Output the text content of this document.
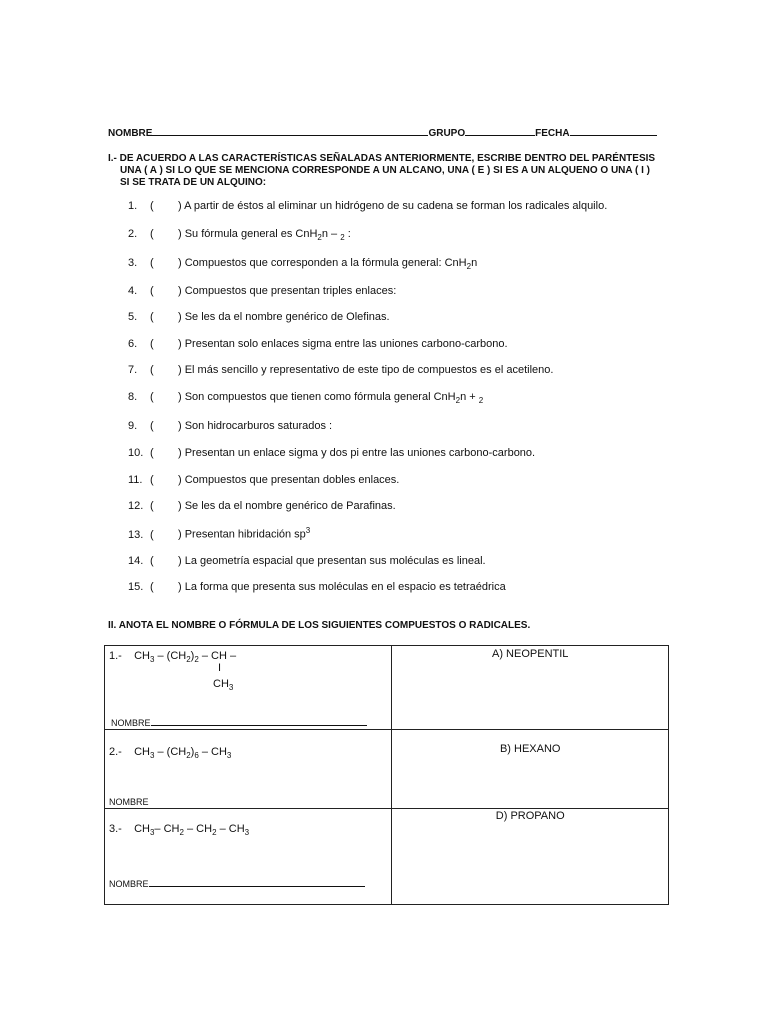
NOMBRE	GRUPO	FECHA
I.- DE ACUERDO A LAS CARACTERÍSTICAS SEÑALADAS ANTERIORMENTE, ESCRIBE DENTRO DEL PARÉNTESIS
UNA ( A ) SI LO QUE SE MENCIONA CORRESPONDE A UN ALCANO, UNA ( E ) SI ES A UN ALQUENO O UNA ( I )
SI SE TRATA DE UN ALQUINO:
1. ( ) A partir de éstos al eliminar un hidrógeno de su cadena se forman los radicales alquilo.
2. ( ) Su fórmula general es CnH$_2$n – $_2$ :
3. ( ) Compuestos que corresponden a la fórmula general: CnH$_2$n
4. ( ) Compuestos que presentan triples enlaces:
5. ( ) Se les da el nombre genérico de Olefinas.
6. ( ) Presentan solo enlaces sigma entre las uniones carbono-carbono.
7. ( ) El más sencillo y representativo de este tipo de compuestos es el acetileno.
8. ( ) Son compuestos que tienen como fórmula general CnH$_2$n + $_2$
9. ( ) Son hidrocarburos saturados :
10. ( ) Presentan un enlace sigma y dos pi entre las uniones carbono-carbono.
11. ( ) Compuestos que presentan dobles enlaces.
12. ( ) Se les da el nombre genérico de Parafinas.
13. ( ) Presentan hibridación $sp^3$
14. ( ) La geometría espacial que presentan sus moléculas es lineal.
15. ( ) La forma que presenta sus moléculas en el espacio es tetraédrica
II. ANOTA EL NOMBRE O FÓRMULA DE LOS SIGUIENTES COMPUESTOS O RADICALES.
1.- $CH_3 - (CH_2)_2$ – CH –
I
$CH_3$
NOMBRE	A) NEOPENTIL

2.- $CH_3 - (CH_2)_6 - CH_3$
NOMBRE	B) HEXANO

3.- $CH_3-$ $CH_2 - CH_2 - CH_3$
NOMBRE	D) PROPANO
